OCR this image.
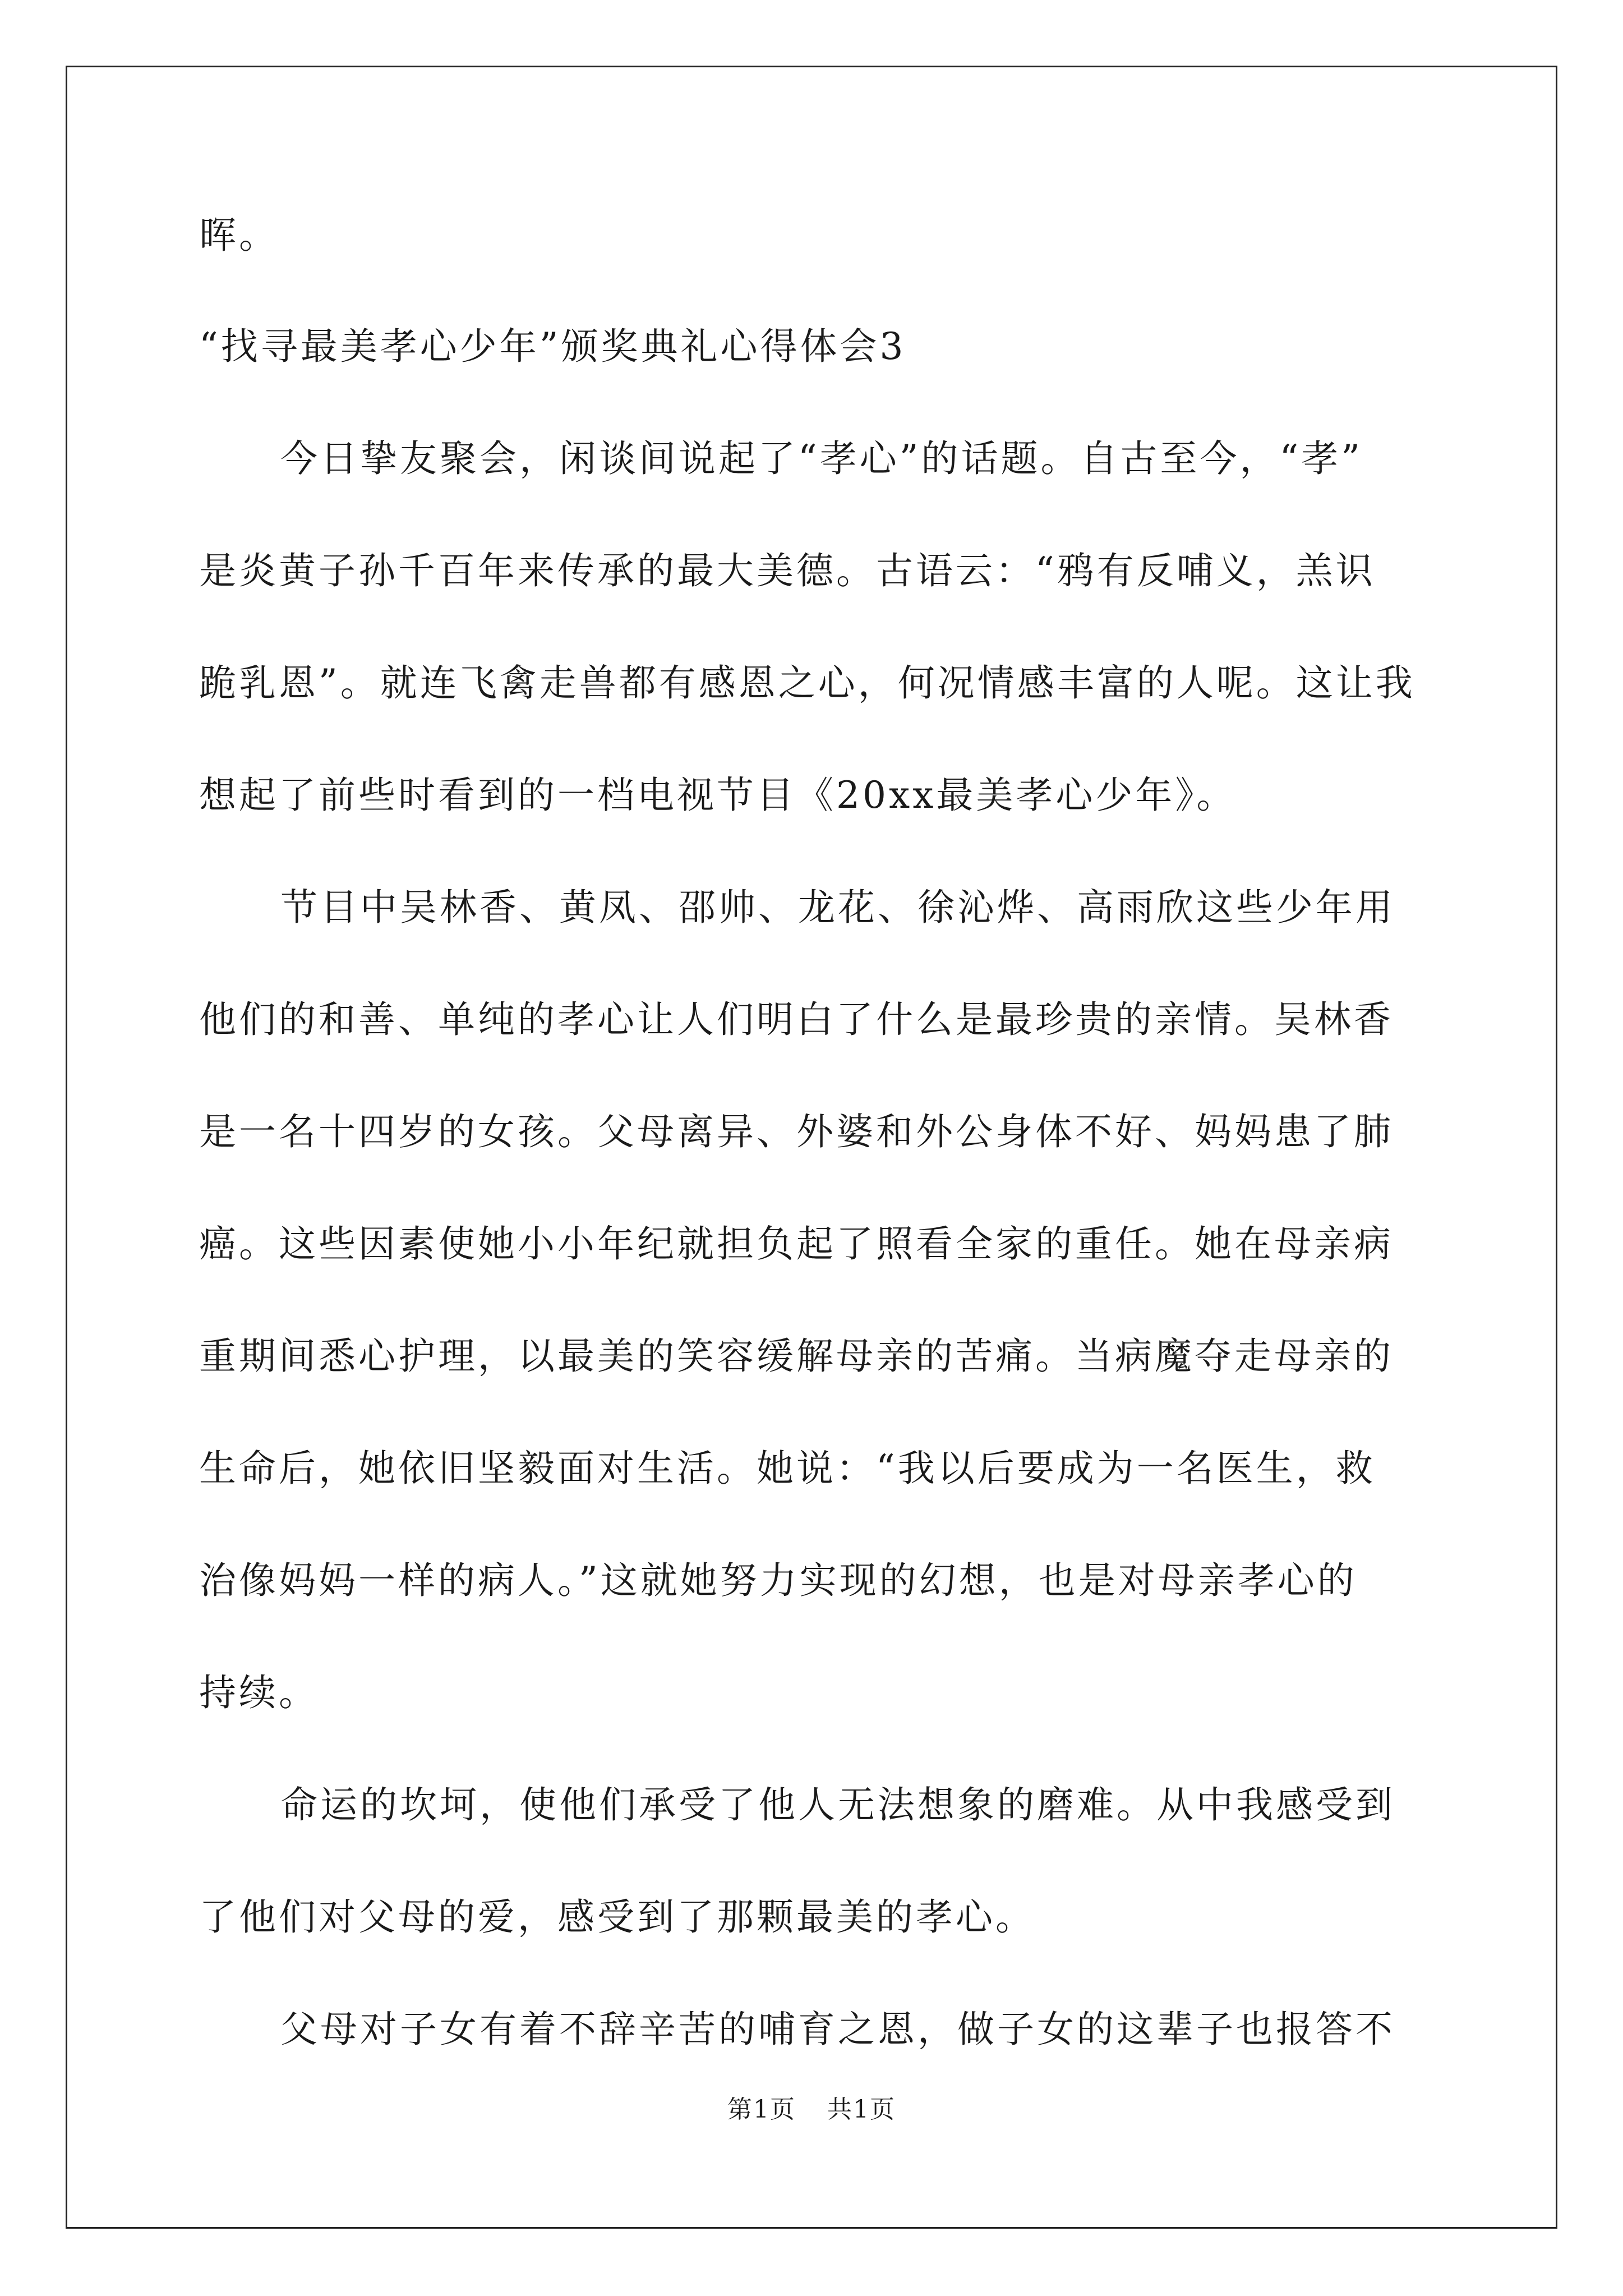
晖。
“找寻最美孝心少年”颁奖典礼心得体会3
今日挚友聚会，闲谈间说起了“孝心”的话题。自古至今，“孝”
是炎黄子孙千百年来传承的最大美德。古语云：“鸦有反哺义，羔识
跪乳恩”。就连飞禽走兽都有感恩之心，何况情感丰富的人呢。这让我
想起了前些时看到的一档电视节目《20xx最美孝心少年》。
节目中吴林香、黄凤、邵帅、龙花、徐沁烨、高雨欣这些少年用
他们的和善、单纯的孝心让人们明白了什么是最珍贵的亲情。吴林香
是一名十四岁的女孩。父母离异、外婆和外公身体不好、妈妈患了肺
癌。这些因素使她小小年纪就担负起了照看全家的重任。她在母亲病
重期间悉心护理，以最美的笑容缓解母亲的苦痛。当病魔夺走母亲的
生命后，她依旧坚毅面对生活。她说：“我以后要成为一名医生，救
治像妈妈一样的病人。”这就她努力实现的幻想，也是对母亲孝心的
持续。
命运的坎坷，使他们承受了他人无法想象的磨难。从中我感受到
了他们对父母的爱，感受到了那颗最美的孝心。
父母对子女有着不辞辛苦的哺育之恩，做子女的这辈子也报答不
第1页 共1页
